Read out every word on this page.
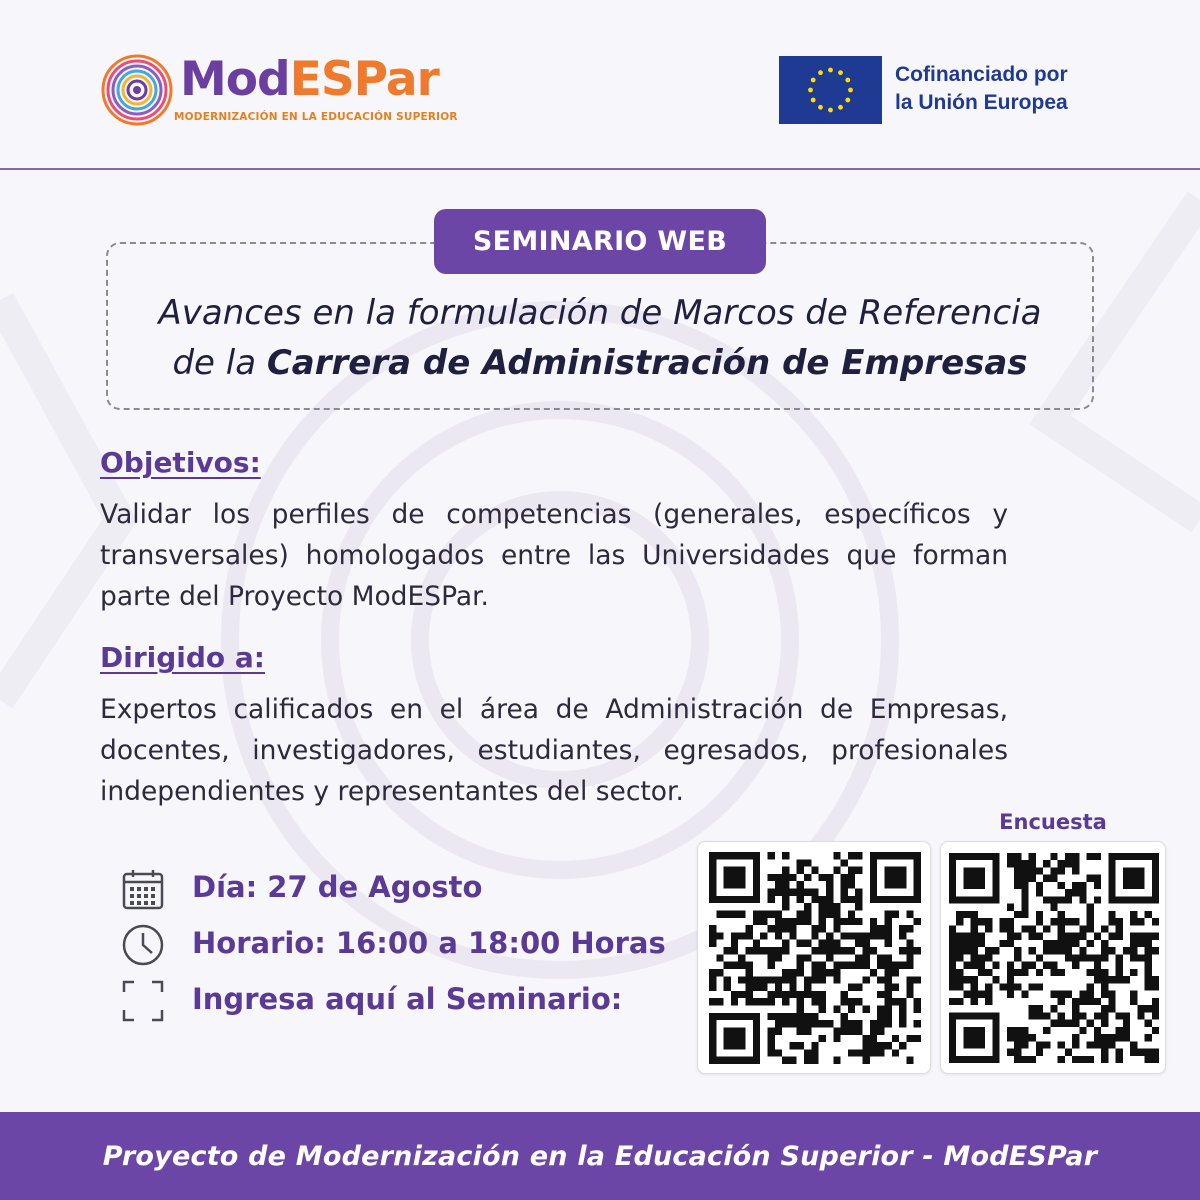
ModESPar
MODERNIZACIÓN EN LA EDUCACIÓN SUPERIOR
Cofinanciado por
la Unión Europea
SEMINARIO WEB
Avances en la formulación de Marcos de Referencia
de la Carrera de Administración de Empresas
Objetivos:
Validar los perfiles de competencias (generales, específicos y transversales) homologados entre las Universidades que forman parte del Proyecto ModESPar.
Dirigido a:
Expertos calificados en el área de Administración de Empresas, docentes, investigadores, estudiantes, egresados, profesionales independientes y representantes del sector.
Día: 27 de Agosto
Horario: 16:00 a 18:00 Horas
Ingresa aquí al Seminario:
Encuesta
Proyecto de Modernización en la Educación Superior - ModESPar
